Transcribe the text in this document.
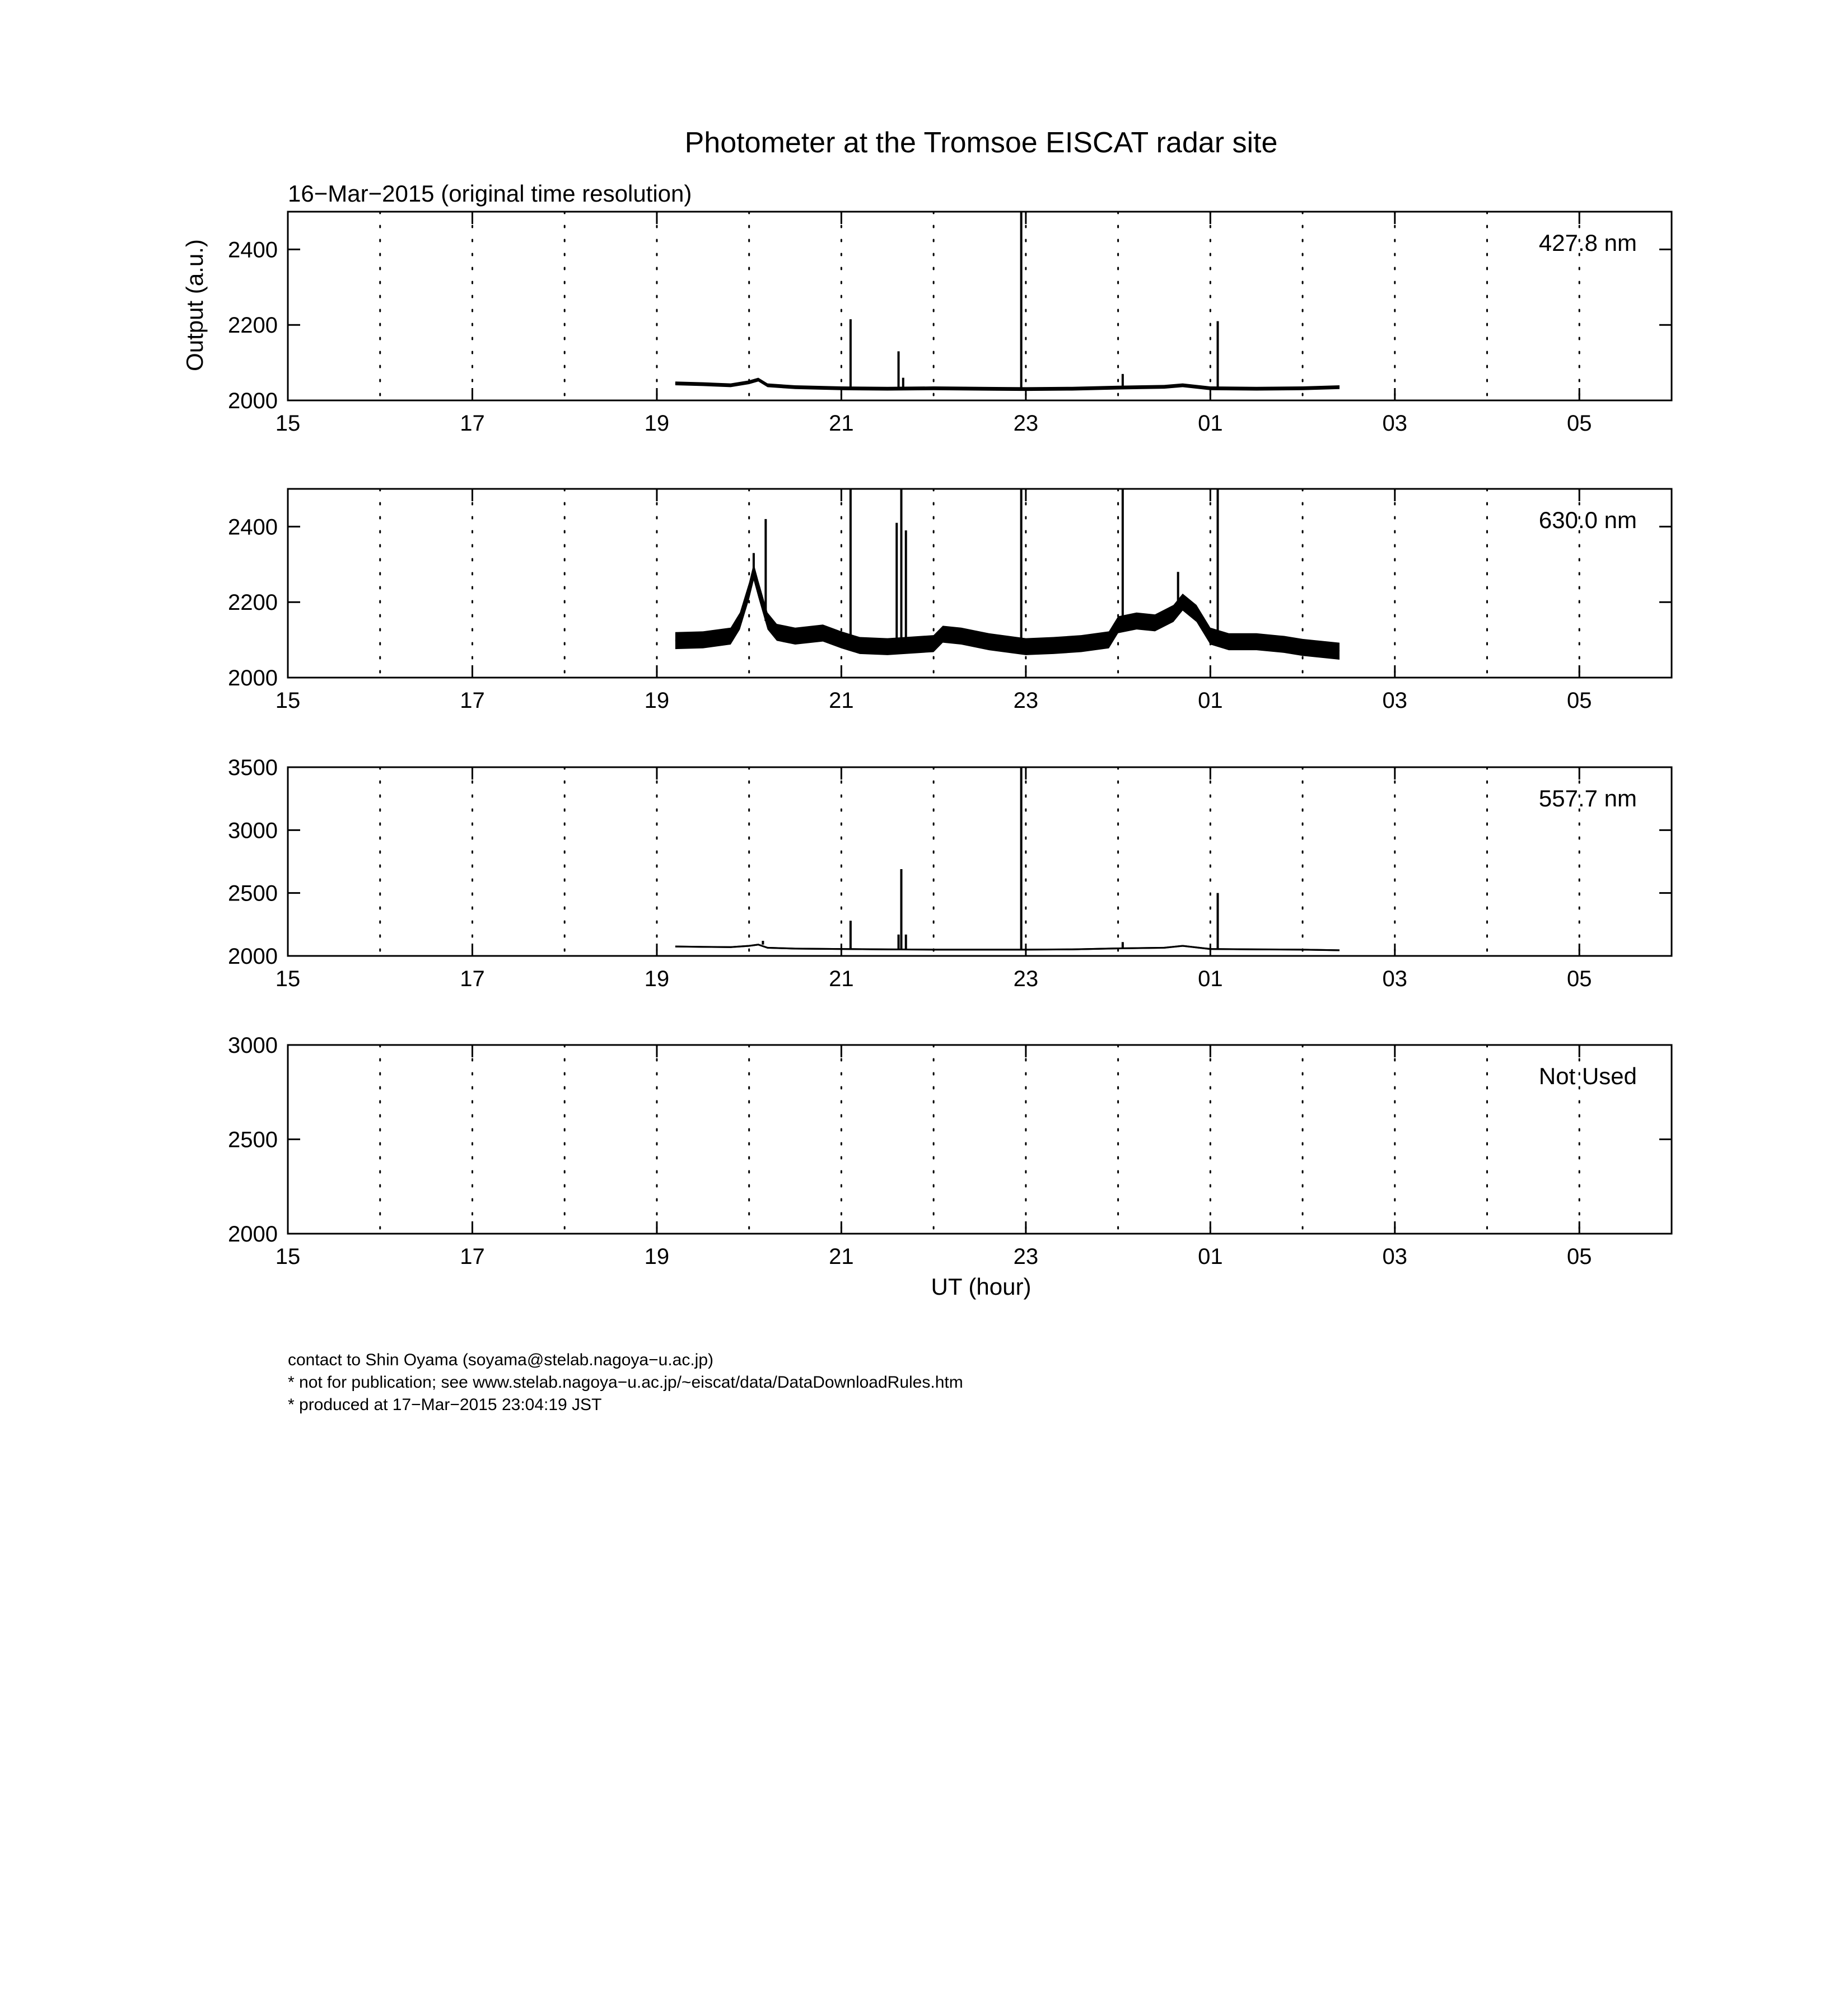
Photometer at the Tromsoe EISCAT radar site
16−Mar−2015 (original time resolution)
Output (a.u.)
UT (hour)
contact to Shin Oyama (soyama@stelab.nagoya−u.ac.jp)
* not for publication; see www.stelab.nagoya−u.ac.jp/~eiscat/data/DataDownloadRules.htm
* produced at 17−Mar−2015 23:04:19 JST
2000
2200
2400
15	17	19	21	23	01	03	05
427.8 nm
2000
2200
2400
15	17	19	21	23	01	03	05
630.0 nm
2000
2500
3000
3500
15	17	19	21	23	01	03	05
557.7 nm
2000
2500
3000
15	17	19	21	23	01	03	05
Not Used
